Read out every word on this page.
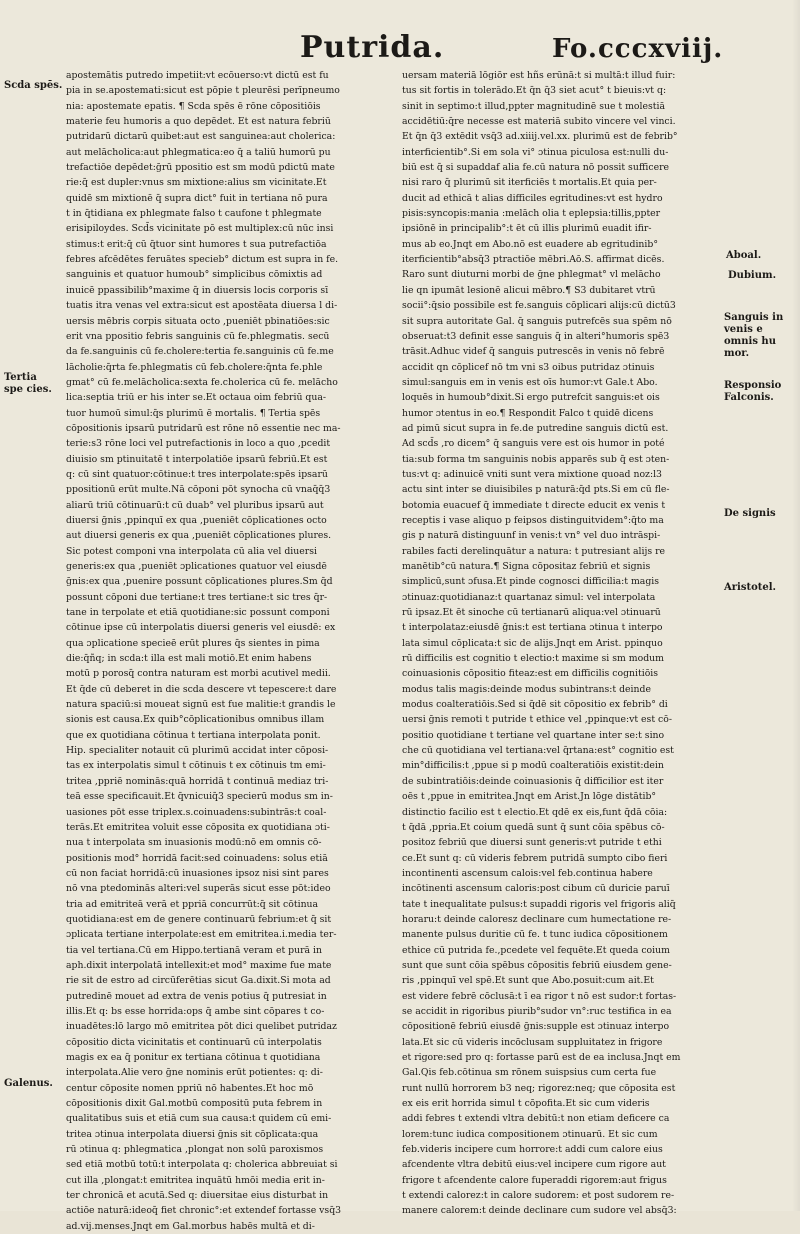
Putrida.	Fo.cccxviij.
Scda spēs.
Tertia spe cies.
Aboal.
Dubium.
Sanguis in venis e omnis hu mor.
Responsio Falconis.
De signis
Aristotel.
Galenus.
apostemātis putredo impetiit:vt ecōuerso:vt dictū est fu
pia in se.apostemati:sicut est pōpie t pleurēsi perīpneumo
nia: apostemate epatis. ¶ Scda spēs ē rōne cōpositiōis
materie feu humoris a quo depēdet. Et est natura febriū
putridarū dictarū quibet:aut est sanguinea:aut cholerica:
aut melācholica:aut phlegmatica:eo q̄ a taliū humorū pu
trefactiōe depēdet:ḡrū ppositio est sm modū pdictū mate
rie:q̄ est dupler:vnus sm mixtione:alius sm vicinitate.Et
quidē sm mixtionē q̄ supra dict° fuit in tertiana nō pura
t in q̄tidiana ex phlegmate falso t caufone t phlegmate
erisipiloydes. Scd̄s vicinitate pō est multiplex:cū nūc insi
stimus:t erit:q̄ cū q̄tuor sint humores t sua putrefactiōa
febres afcēdētes feruātes specieb° dictum est supra in fe.
sanguinis et quatuor humoub° simplicibus cōmixtis ad
inuicē ppassibilib°maxime q̄ in diuersis locis corporis sī
tuatis itra venas vel extra:sicut est apostēata diuersa l di-
uersis mēbris corpis situata octo ,pueniēt pbinatiōes:sic
erit vna ppositio febris sanguinis cū fe.phlegmatis. secū
da fe.sanguinis cū fe.cholere:tertia fe.sanguinis cū fe.me
lācholie:q̄rta fe.phlegmatis cū feb.cholere:q̄nta fe.phle
gmat° cū fe.melācholica:sexta fe.cholerica cū fe. melācho
lica:septia triū er his inter se.Et octaua oim febriū qua-
tuor humoū simul:q̄s plurimū ē mortalis. ¶ Tertia spēs
cōpositionis ipsarū putridarū est rōne nō essentie nec ma-
terie:s3 rōne loci vel putrefactionis in loco a quo ,pcedit
diuisio sm ptinuitatē t interpolatiōe ipsarū febriū.Et est
q: cū sint quatuor:cōtinue:t tres interpolate:spēs ipsarū
ppositionū erūt multe.Nā cōponi pōt synocha cū vnaq̄q̄3
aliarū triū cōtinuarū:t cū duab° vel pluribus ipsarū aut
diuersi ḡnis ,ppinquī ex qua ,pueniēt cōplicationes octo
aut diuersi generis ex qua ,pueniēt cōplicationes plures.
Sic potest componi vna interpolata cū alia vel diuersi
generis:ex qua ,pueniēt ɔplicationes quatuor vel eiusdē
ḡnis:ex qua ,puenire possunt cōplicationes plures.Sm q̄d
possunt cōponi due tertiane:t tres tertiane:t sic tres q̄r-
tane in terpolate et etiā quotidiane:sic possunt componi
cōtinue ipse cū interpolatis diuersi generis vel eiusdē: ex
qua ɔplicatione specieē erūt plures q̄s sientes in pima
die:q̄ñq; in scda:t illa est mali motiō.Et enim habens
motū p porosq̄ contra naturam est morbi acutivel medii.
Et q̄de cū deberet in die scda descere vt tepescere:t dare
natura spaciū:si moueat signū est fue malitie:t grandis le
sionis est causa.Ex quib°cōplicationibus omnibus illam
que ex quotidiana cōtinua t tertiana interpolata ponit.
Hip. specialiter notauit cū plurimū accidat inter cōposi-
tas ex interpolatis simul t cōtinuis t ex cōtinuis tm emi-
tritea ,ppriē nominās:quā horridā t continuā mediaz tri-
teā esse specificauit.Et q̄vnicuiq̄3 specierū modus sm in-
uasiones pōt esse triplex.s.coinuadens:subintrās:t coal-
terās.Et emitritea voluit esse cōposita ex quotidiana ɔti-
nua t interpolata sm inuasionis modū:nō em omnis cō-
positionis mod° horridā facit:sed coinuadens: solus etiā
cū non faciat horridā:cū inuasiones ipsoz nisi sint pares
nō vna ptedominās alteri:vel superās sicut esse pōt:ideo
tria ad emitriteā verā et ppriā concurrūt:q̄ sit cōtinua
quotidiana:est em de genere continuarū febrium:et q̄ sit
ɔplicata tertiane interpolate:est em emitritea.i.media ter-
tia vel tertiana.Cū em Hippo.tertianā veram et purā in
aph.dixit interpolatā intellexit:et mod° maxime fue mate
rie sit de estro ad circūferētias sicut Ga.dixit.Si mota ad
putredinē mouet ad extra de venis potius q̄ putresiat in
illis.Et q: bs esse horrida:ops q̄ ambe sint cōpares t co-
inuadētes:lō largo mō emitritea pōt dici quelibet putridaz
cōpositio dicta vicinitatis et continuarū cū interpolatis
magis ex ea q̄ ponitur ex tertiana cōtinua t quotidiana
interpolata.Alie vero ḡne nominis erūt potientes: q: di-
centur cōposite nomen ppriū nō habentes.Et hoc mō
cōpositionis dixit Gal.motbū compositū puta febrem in
qualitatibus suis et etiā cum sua causa:t quidem cū emi-
tritea ɔtinua interpolata diuersi ḡnis sit cōplicata:qua
rū ɔtinua q: phlegmatica ,plongat non solū paroxismos
sed etiā motbū totū:t interpolata q: cholerica abbreuiat si
cut illa ,plongat:t emitritea inquātū hmōi media erit in-
ter chronicā et acutā.Sed q: diuersitae eius disturbat in
actiōe naturā:ideoq̄ fiet chronic°:et extendef fortasse vsq̄3
ad.vij.menses.Jnqt em Gal.morbus habēs multā et di-
uersam materiā lōgiōr est hñs erūnā:t si multā:t illud fuir:
tus sit fortis in tolerādo.Et q̄n q̄3 siet acut° t bieuis:vt q:
sinit in septimo:t illud,ppter magnitudinē sue t molestiā
accidētiū:q̄re necesse est materiā subito vincere vel vinci.
Et q̄n q̄3 extēdit vsq̄3 ad.xiiij.vel.xx. plurimū est de febrib°
interficientib°.Si em sola vi° ɔtinua piculosa est:nulli du-
biū est q̄ si supaddaf alia fe.cū natura nō possit sufficere
nisi raro q̄ plurimū sit iterficiēs t mortalis.Et quia per-
ducit ad ethicā t alias difficiles egritudines:vt est hydro
pisis:syncopis:mania :melāch olia t eplepsia:tillis,ppter
ipsiōnē in principalib°:t ēt cū illis plurimū euadit ifir-
mus ab eo.Jnqt em Abo.nō est euadere ab egritudinib°
iterficientib°absq̄3 ptractiōe mēbri.Aō.S. affirmat dicēs.
Raro sunt diuturni morbi de ḡne phlegmat° vl melācho
lie qn ipumāt lesionē alicui mēbro.¶ S3 dubitaret vtrū
socii°:q̄sio possibile est fe.sanguis cōplicari alijs:cū dictū3
sit supra autoritate Gal. q̄ sanguis putrefcēs sua spēm nō
obseruat:t3 definit esse sanguis q̄ in alteri°humoris spē3
trāsit.Adhuc videf q̄ sanguis putrescēs in venis nō febrē
accidit qn cōplicef nō tm vni s3 oibus putridaz ɔtinuis
simul:sanguis em in venis est oīs humor:vt Gale.t Abo.
loquēs in humoub°dixit.Si ergo putrefcit sanguis:et ois
humor ɔtentus in eo.¶ Respondit Falco t quidē dicens
ad pimū sicut supra in fe.de putredine sanguis dictū est.
Ad scd̄s ,ro dicem° q̄ sanguis vere est ois humor in poté
tia:sub forma tm sanguinis nobis apparēs sub q̄ est ɔten-
tus:vt q: adinuicē vniti sunt vera mixtione quoad noz:l3
actu sint inter se diuisibiles p naturā:q̄d pts.Si em cū fle-
botomia euacuef q̄ immediate t directe educit ex venis t
receptis i vase aliquo p feipsos distinguitvidem°:q̄to ma
gis p naturā distinguunf in venis:t vn° vel duo intrāspi-
rabiles facti derelinquātur a natura: t putresiant alijs re
manētib°cū natura.¶ Signa cōpositaz febriū et signis
simplicū,sunt ɔfusa.Et pinde cognosci difficilia:t magis
ɔtinuaz:quotidianaz:t quartanaz simul: vel interpolata
rū ipsaz.Et ēt sinoche cū tertianarū aliqua:vel ɔtinuarū
t interpolataz:eiusdē ḡnis:t est tertiana ɔtinua t interpo
lata simul cōplicata:t sic de alijs.Jnqt em Arist. ppinquo
rū difficilis est cognitio t electio:t maxime si sm modum
coinuasionis cōpositio fiteaz:est em difficilis cognitiōis
modus talis magis:deinde modus subintrans:t deinde
modus coalteratiōis.Sed si q̄dē sit cōpositio ex febrib° di
uersi ḡnis remoti t putride t ethice vel ,ppinque:vt est cō-
positio quotidiane t tertiane vel quartane inter se:t sino
che cū quotidiana vel tertiana:vel q̄rtana:est° cognitio est
min°difficilis:t ,ppue si p modū coalteratiōis existit:dein
de subintratiōis:deinde coinuasionis q̄ difficilior est iter
oēs t ,ppue in emitritea.Jnqt em Arist.Jn lōge distātib°
distinctio facilio est t electio.Et qdē ex eis,funt q̄dā cōia:
t q̄dā ,ppria.Et coium quedā sunt q̄ sunt cōia spēbus cō-
positoz febriū que diuersi sunt generis:vt putride t ethi
ce.Et sunt q: cū videris febrem putridā sumpto cibo fieri
incontinenti ascensum calois:vel feb.continua habere
incōtinenti ascensum caloris:post cibum cū duricie paruī
tate t inequalitate pulsus:t supaddi rigoris vel frigoris aliq̄
horaru:t deinde caloresz declinare cum humectatione re-
manente pulsus duritie cū fe. t tunc iudica cōpositionem
ethice cū putrida fe.,pcedete vel fequēte.Et queda coium
sunt que sunt cōia spēbus cōpositis febriū eiusdem gene-
ris ,ppinquī vel spē.Et sunt que Abo.posuit:cum ait.Et
est videre febrē cōclusā:t ī ea rigor t nō est sudor:t fortas-
se accidit in rigoribus piurib°sudor vn°:ruc testifica in ea
cōpositionē febriū eiusdē ḡnis:supple est ɔtinuaz interpo
lata.Et sic cū videris incōclusam suppluitatez in frigore
et rigore:sed pro q: fortasse parū est de ea inclusa.Jnqt em
Gal.Qis feb.cōtinua sm rōnem suispsius cum certa fue
runt nullū horrorem b3 neq; rigorez:neq; que cōposita est
ex eis erit horrida simul t cōpofita.Et sic cum videris
addi febres t extendi vltra debitū:t non etiam deficere ca
lorem:tunc iudica compositionem ɔtinuarū. Et sic cum
feb.videris incipere cum horrore:t addi cum calore eius
afcendente vltra debitū eius:vel incipere cum rigore aut
frigore t afcendente calore fuperaddi rigorem:aut frigus
t extendi calorez:t in calore sudorem: et post sudorem re-
manere calorem:t deinde declinare cum sudore vel absq̄3:
